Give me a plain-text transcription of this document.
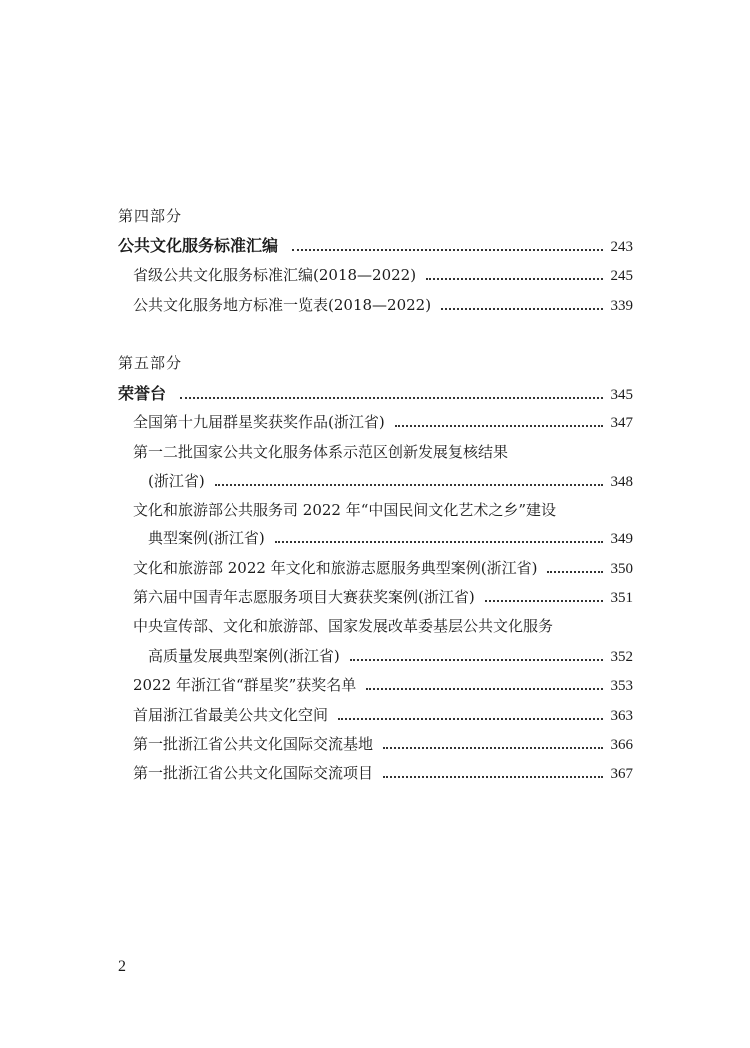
第四部分
公共文化服务标准汇编	243
省级公共文化服务标准汇编(2018—2022)	245
公共文化服务地方标准一览表(2018—2022)	339
第五部分
荣誉台	345
全国第十九届群星奖获奖作品(浙江省)	347
第一二批国家公共文化服务体系示范区创新发展复核结果
(浙江省)	348
文化和旅游部公共服务司 2022 年“中国民间文化艺术之乡”建设
典型案例(浙江省)	349
文化和旅游部 2022 年文化和旅游志愿服务典型案例(浙江省)	350
第六届中国青年志愿服务项目大赛获奖案例(浙江省)	351
中央宣传部、文化和旅游部、国家发展改革委基层公共文化服务
高质量发展典型案例(浙江省)	352
2022 年浙江省“群星奖”获奖名单	353
首届浙江省最美公共文化空间	363
第一批浙江省公共文化国际交流基地	366
第一批浙江省公共文化国际交流项目	367
2
